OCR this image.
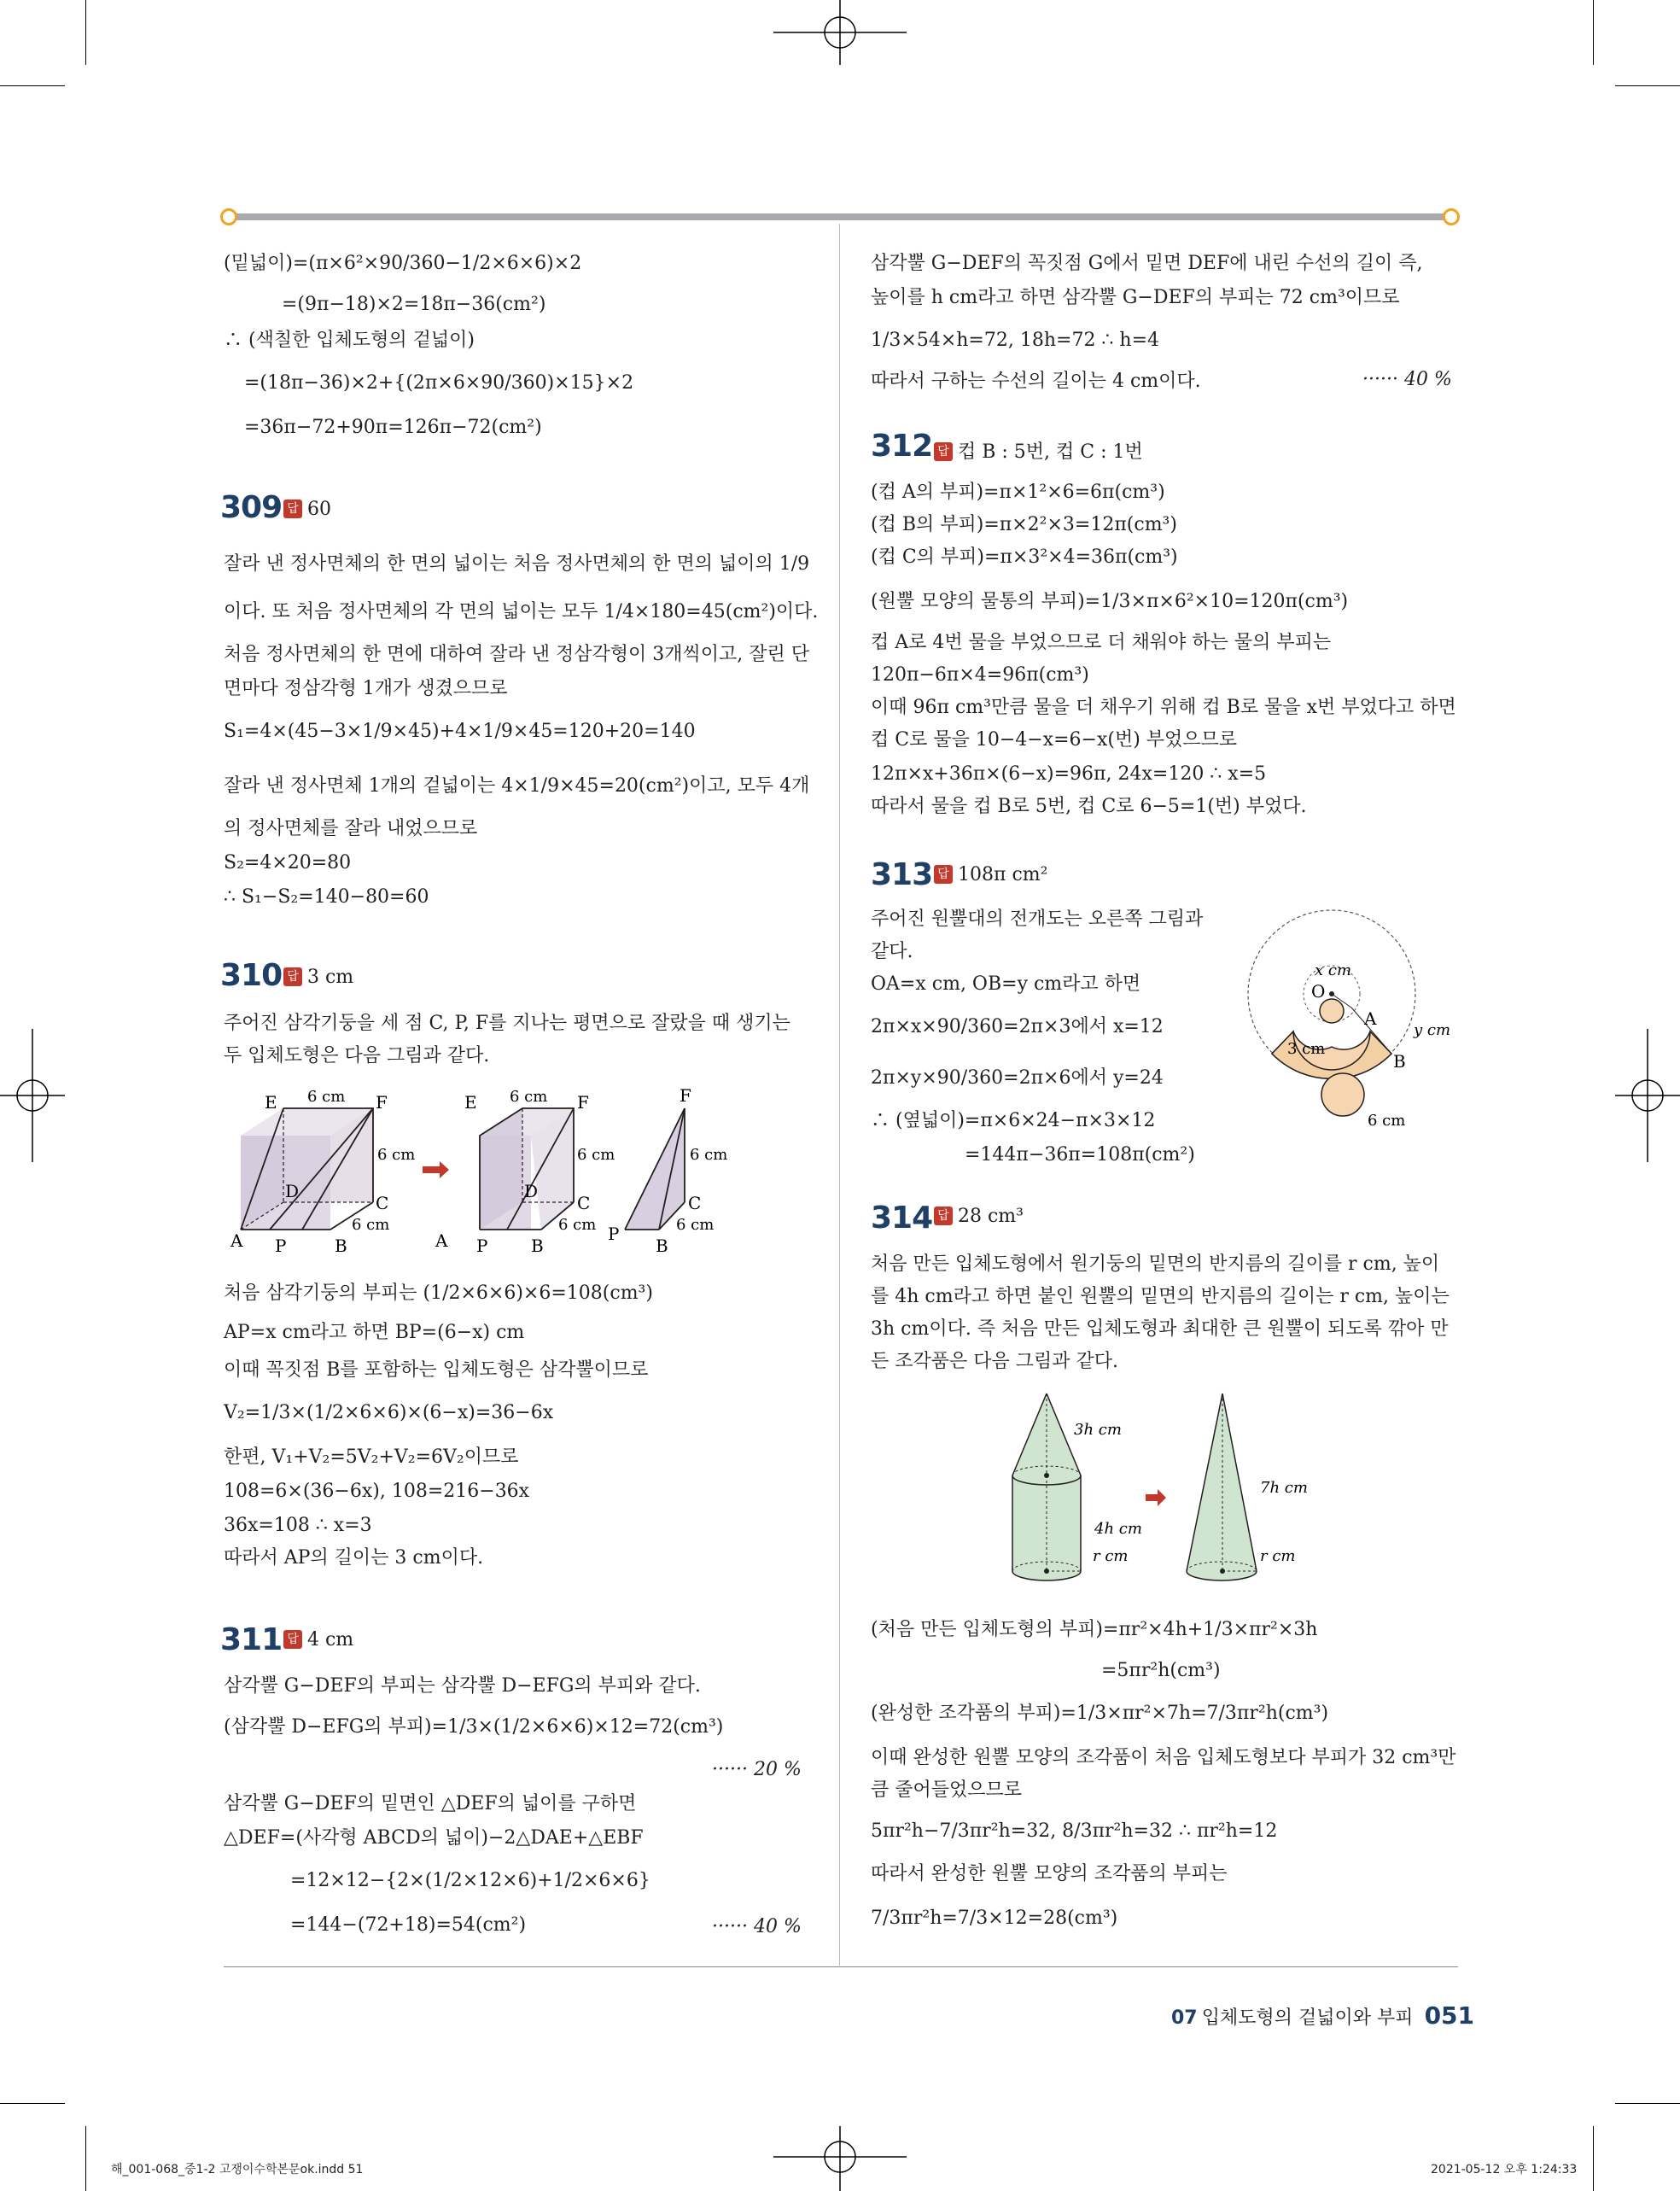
(밑넓이)=(π×6²×90/360−1/2×6×6)×2
=(9π−18)×2=18π−36(cm²)
∴ (색칠한 입체도형의 겉넓이)
=(18π−36)×2+{(2π×6×90/360)×15}×2
=36π−72+90π=126π−72(cm²)
309 답 60
잘라 낸 정사면체의 한 면의 넓이는 처음 정사면체의 한 면의 넓이의 1/9
이다. 또 처음 정사면체의 각 면의 넓이는 모두 1/4×180=45(cm²)이다.
처음 정사면체의 한 면에 대하여 잘라 낸 정삼각형이 3개씩이고, 잘린 단
면마다 정삼각형 1개가 생겼으므로
S₁=4×(45−3×1/9×45)+4×1/9×45=120+20=140
잘라 낸 정사면체 1개의 겉넓이는 4×1/9×45=20(cm²)이고, 모두 4개
의 정사면체를 잘라 내었으므로
S₂=4×20=80
∴ S₁−S₂=140−80=60
310 답 3 cm
주어진 삼각기둥을 세 점 C, P, F를 지나는 평면으로 잘랐을 때 생기는
두 입체도형은 다음 그림과 같다.
E	F
D
C
A P	B
6 cm
6 cm
6 cm
E	F
D
C
A P	B
6 cm
6 cm
6 cm
F
C
P
B
6 cm
6 cm
처음 삼각기둥의 부피는 (1/2×6×6)×6=108(cm³)
AP=x cm라고 하면 BP=(6−x) cm
이때 꼭짓점 B를 포함하는 입체도형은 삼각뿔이므로
V₂=1/3×(1/2×6×6)×(6−x)=36−6x
한편, V₁+V₂=5V₂+V₂=6V₂이므로
108=6×(36−6x), 108=216−36x
36x=108 ∴ x=3
따라서 AP의 길이는 3 cm이다.
311 답 4 cm
삼각뿔 G−DEF의 부피는 삼각뿔 D−EFG의 부피와 같다.
(삼각뿔 D−EFG의 부피)=1/3×(1/2×6×6)×12=72(cm³)
······ 20 %
삼각뿔 G−DEF의 밑면인 △DEF의 넓이를 구하면
△DEF=(사각형 ABCD의 넓이)−2△DAE+△EBF
=12×12−{2×(1/2×12×6)+1/2×6×6}
=144−(72+18)=54(cm²)	······ 40 %
삼각뿔 G−DEF의 꼭짓점 G에서 밑면 DEF에 내린 수선의 길이 즉,
높이를 h cm라고 하면 삼각뿔 G−DEF의 부피는 72 cm³이므로
1/3×54×h=72, 18h=72 ∴ h=4
따라서 구하는 수선의 길이는 4 cm이다.	······ 40 %
312 답 컵 B : 5번, 컵 C : 1번
(컵 A의 부피)=π×1²×6=6π(cm³)
(컵 B의 부피)=π×2²×3=12π(cm³)
(컵 C의 부피)=π×3²×4=36π(cm³)
(원뿔 모양의 물통의 부피)=1/3×π×6²×10=120π(cm³)
컵 A로 4번 물을 부었으므로 더 채워야 하는 물의 부피는
120π−6π×4=96π(cm³)
이때 96π cm³만큼 물을 더 채우기 위해 컵 B로 물을 x번 부었다고 하면
컵 C로 물을 10−4−x=6−x(번) 부었으므로
12π×x+36π×(6−x)=96π, 24x=120 ∴ x=5
따라서 물을 컵 B로 5번, 컵 C로 6−5=1(번) 부었다.
313 답 108π cm²
주어진 원뿔대의 전개도는 오른쪽 그림과
같다.
OA=x cm, OB=y cm라고 하면
2π×x×90/360=2π×3에서 x=12
2π×y×90/360=2π×6에서 y=24
∴ (옆넓이)=π×6×24−π×3×12
=144π−36π=108π(cm²)
x cm
O
A
y cm
3 cm
B
6 cm
314 답 28 cm³
처음 만든 입체도형에서 원기둥의 밑면의 반지름의 길이를 r cm, 높이
를 4h cm라고 하면 붙인 원뿔의 밑면의 반지름의 길이는 r cm, 높이는
3h cm이다. 즉 처음 만든 입체도형과 최대한 큰 원뿔이 되도록 깎아 만
든 조각품은 다음 그림과 같다.
3h cm
4h cm
r cm
7h cm
r cm
(처음 만든 입체도형의 부피)=πr²×4h+1/3×πr²×3h
=5πr²h(cm³)
(완성한 조각품의 부피)=1/3×πr²×7h=7/3πr²h(cm³)
이때 완성한 원뿔 모양의 조각품이 처음 입체도형보다 부피가 32 cm³만
큼 줄어들었으므로
5πr²h−7/3πr²h=32, 8/3πr²h=32 ∴ πr²h=12
따라서 완성한 원뿔 모양의 조각품의 부피는
7/3πr²h=7/3×12=28(cm³)
07 입체도형의 겉넓이와 부피 051
해_001-068_중1-2 고쟁이수학본문ok.indd 51	2021-05-12 오후 1:24:33
